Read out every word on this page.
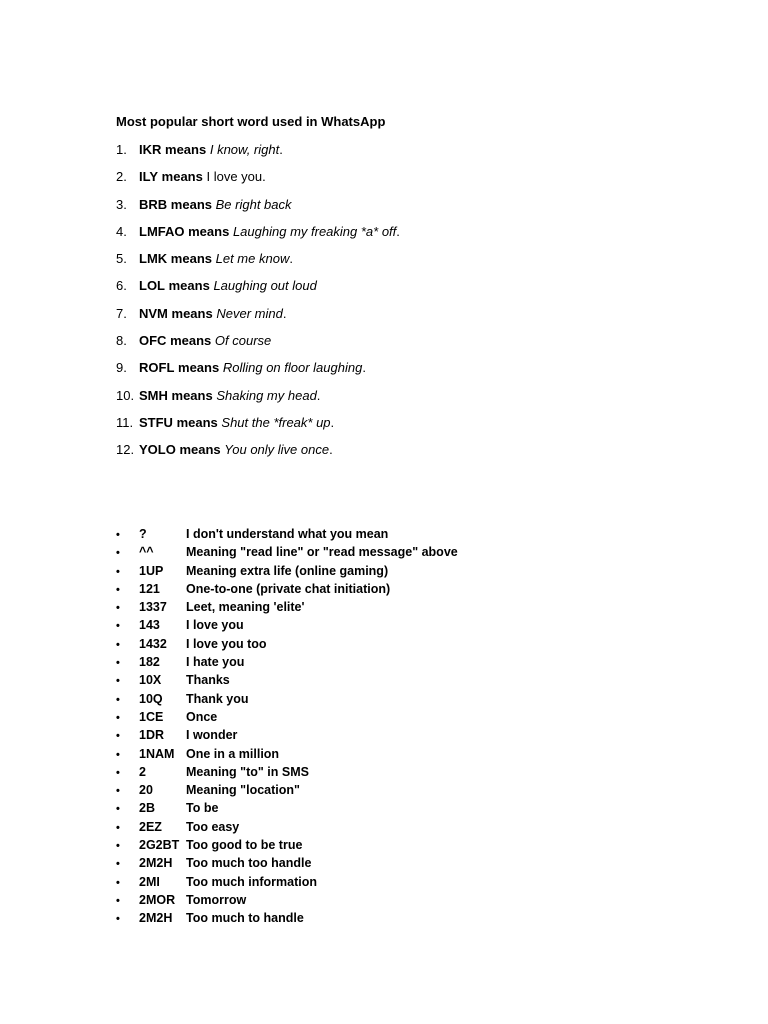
Most popular short word used in WhatsApp
1. IKR means I know, right.
2. ILY means I love you.
3. BRB means Be right back
4. LMFAO means Laughing my freaking *a* off.
5. LMK means Let me know.
6. LOL means Laughing out loud
7. NVM means Never mind.
8. OFC means Of course
9. ROFL means Rolling on floor laughing.
10. SMH means Shaking my head.
11. STFU means Shut the *freak* up.
12. YOLO means You only live once.
• ?	I don't understand what you mean
• ^^	Meaning "read line" or "read message" above
• 1UP Meaning extra life (online gaming)
• 121 One-to-one (private chat initiation)
• 1337 Leet, meaning 'elite'
• 143 I love you
• 1432 I love you too
• 182 I hate you
• 10X Thanks
• 10Q Thank you
• 1CE Once
• 1DR I wonder
• 1NAM One in a million
• 2	Meaning "to" in SMS
• 20	Meaning "location"
• 2B To be
• 2EZ Too easy
• 2G2BT Too good to be true
• 2M2H Too much too handle
• 2MI Too much information
• 2MOR Tomorrow
• 2M2H Too much to handle
